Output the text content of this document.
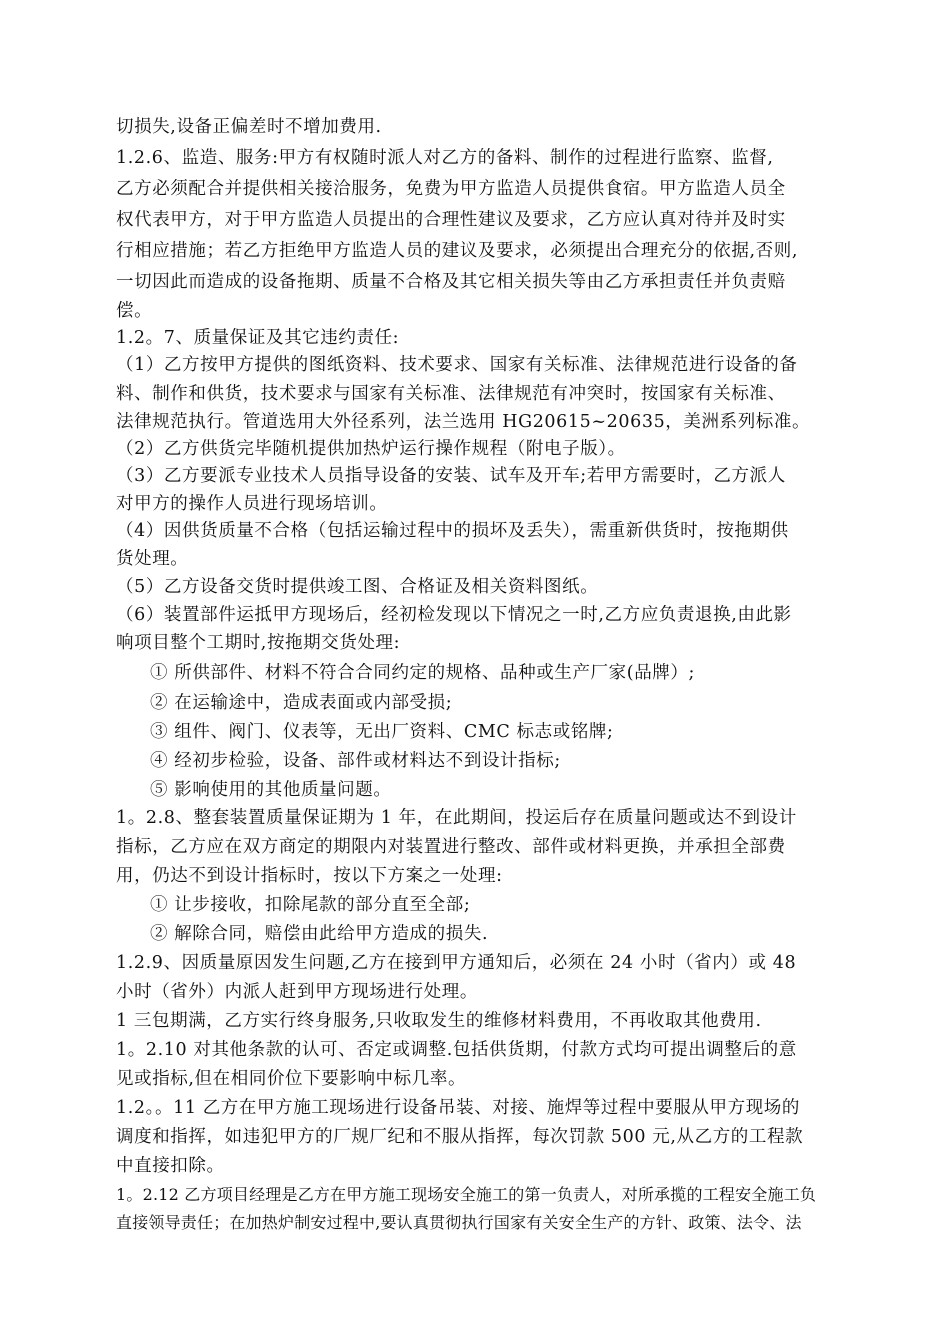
切损失,设备正偏差时不增加费用.
1.2.6、监造、服务:甲方有权随时派人对乙方的备料、制作的过程进行监察、监督,
乙方必须配合并提供相关接洽服务，免费为甲方监造人员提供食宿。甲方监造人员全
权代表甲方，对于甲方监造人员提出的合理性建议及要求，乙方应认真对待并及时实
行相应措施；若乙方拒绝甲方监造人员的建议及要求，必须提出合理充分的依据,否则,
一切因此而造成的设备拖期、质量不合格及其它相关损失等由乙方承担责任并负责赔
偿。
1.2。7、质量保证及其它违约责任:
（1）乙方按甲方提供的图纸资料、技术要求、国家有关标准、法律规范进行设备的备
料、制作和供货，技术要求与国家有关标准、法律规范有冲突时，按国家有关标准、
法律规范执行。管道选用大外径系列，法兰选用 HG20615~20635，美洲系列标准。
（2）乙方供货完毕随机提供加热炉运行操作规程（附电子版）。
（3）乙方要派专业技术人员指导设备的安装、试车及开车;若甲方需要时，乙方派人
对甲方的操作人员进行现场培训。
（4）因供货质量不合格（包括运输过程中的损坏及丢失），需重新供货时，按拖期供
货处理。
（5）乙方设备交货时提供竣工图、合格证及相关资料图纸。
（6）装置部件运抵甲方现场后，经初检发现以下情况之一时,乙方应负责退换,由此影
响项目整个工期时,按拖期交货处理:
① 所供部件、材料不符合合同约定的规格、品种或生产厂家(品牌）;
② 在运输途中，造成表面或内部受损;
③ 组件、阀门、仪表等，无出厂资料、CMC 标志或铭牌;
④ 经初步检验，设备、部件或材料达不到设计指标;
⑤ 影响使用的其他质量问题。
1。2.8、整套装置质量保证期为 1 年，在此期间，投运后存在质量问题或达不到设计
指标，乙方应在双方商定的期限内对装置进行整改、部件或材料更换，并承担全部费
用，仍达不到设计指标时，按以下方案之一处理:
① 让步接收，扣除尾款的部分直至全部;
② 解除合同，赔偿由此给甲方造成的损失.
1.2.9、因质量原因发生问题,乙方在接到甲方通知后，必须在 24 小时（省内）或 48
小时（省外）内派人赶到甲方现场进行处理。
1 三包期满，乙方实行终身服务,只收取发生的维修材料费用，不再收取其他费用.
1。2.10 对其他条款的认可、否定或调整.包括供货期，付款方式均可提出调整后的意
见或指标,但在相同价位下要影响中标几率。
1.2。。11 乙方在甲方施工现场进行设备吊装、对接、施焊等过程中要服从甲方现场的
调度和指挥，如违犯甲方的厂规厂纪和不服从指挥，每次罚款 500 元,从乙方的工程款
中直接扣除。
1。2.12 乙方项目经理是乙方在甲方施工现场安全施工的第一负责人，对所承揽的工程安全施工负
直接领导责任；在加热炉制安过程中,要认真贯彻执行国家有关安全生产的方针、政策、法令、法
